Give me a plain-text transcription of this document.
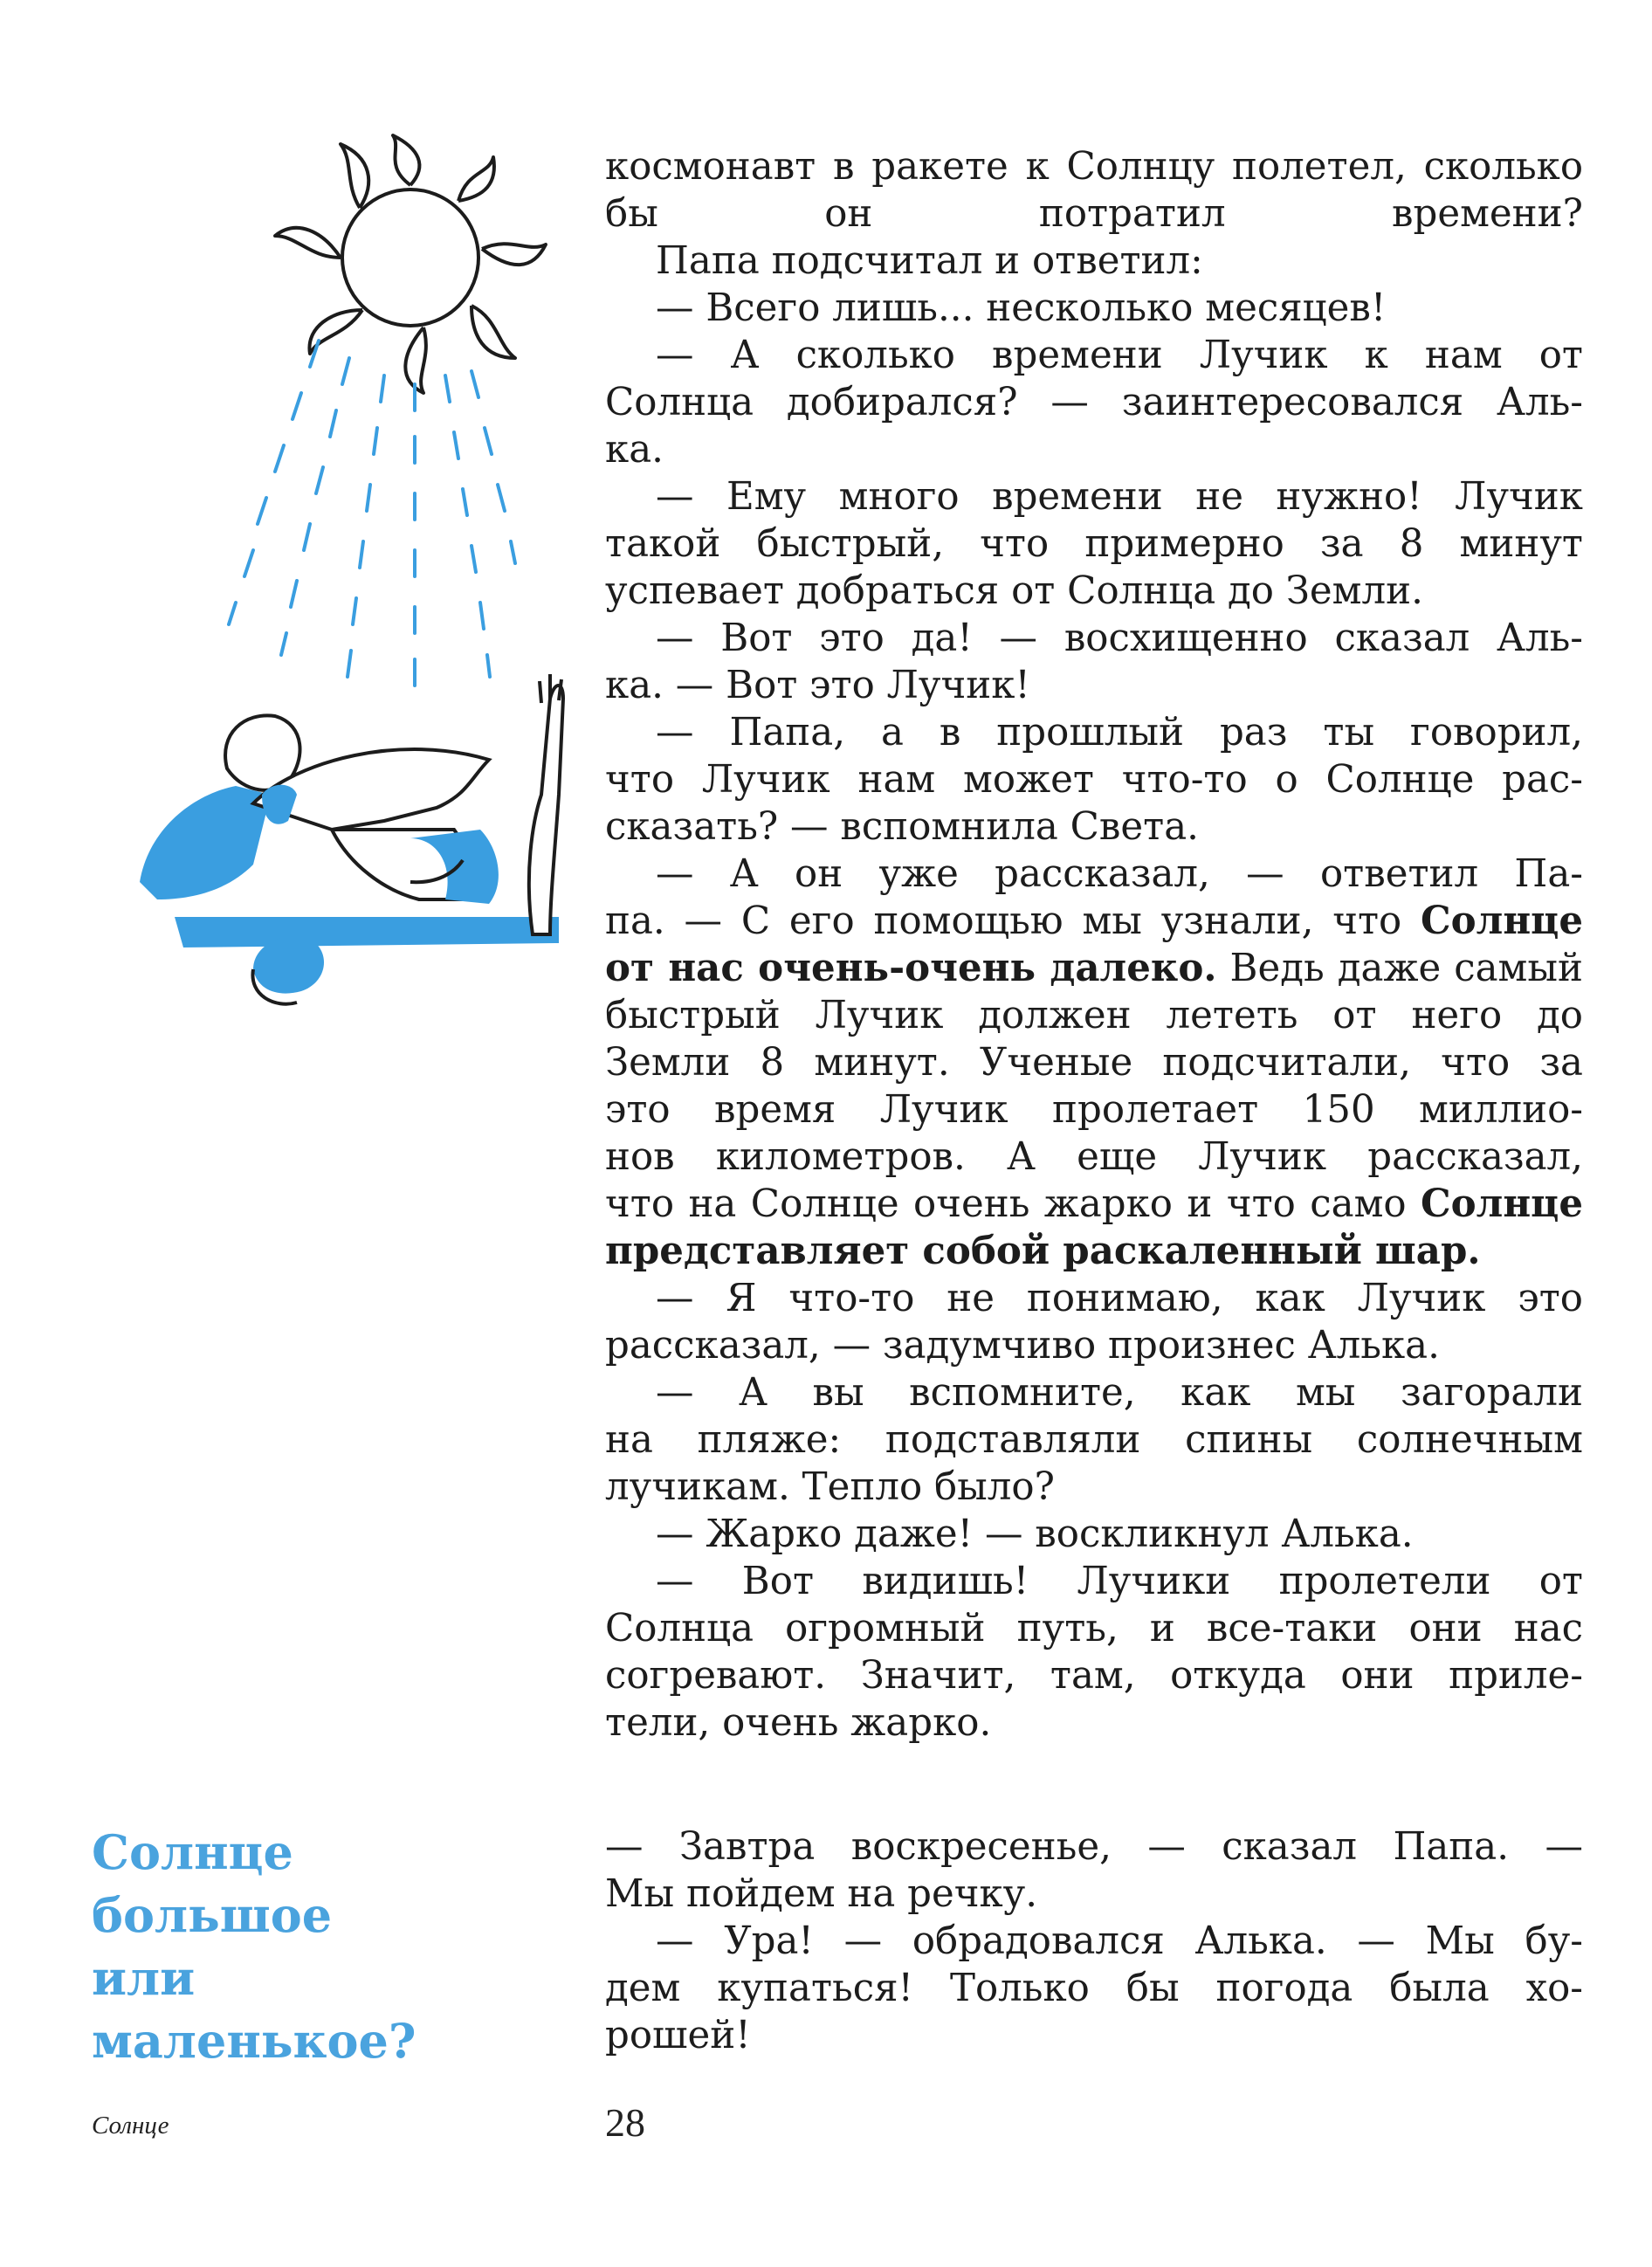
космонавт в ракете к Солнцу полетел, сколько бы он потратил времени?

Папа подсчитал и ответил:

— Всего лишь... несколько месяцев!

— А сколько времени Лучик к нам от
Солнца добирался? — заинтересовался Аль-

ка.

— Ему много времени не нужно! Лучик
такой быстрый, что примерно за 8 минут

успевает добраться от Солнца до Земли.

— Вот это да! — восхищенно сказал Аль-

ка. — Вот это Лучик!

— Папа, а в прошлый раз ты говорил,
что Лучик нам может что-то о Солнце рас-

сказать? — вспомнила Света.

— А он уже рассказал, — ответил Па-

па. — С его помощью мы узнали, что Солнце

от нас очень-очень далеко. Ведь даже самый

быстрый Лучик должен лететь от него до

Земли 8 минут. Ученые подсчитали, что за

это время Лучик пролетает 150 миллио-

нов километров. А еще Лучик рассказал,

что на Солнце очень жарко и что само Солнце

представляет собой раскаленный шар.

— Я что-то не понимаю, как Лучик это

рассказал, — задумчиво произнес Алька.

— А вы вспомните, как мы загорали
на пляже: подставляли спины солнечным

лучикам. Тепло было?

— Жарко даже! — воскликнул Алька.

— Вот видишь! Лучики пролетели от
Солнца огромный путь, и все-таки они нас
согревают. Значит, там, откуда они приле-

тели, очень жарко.

Солнце
большое
или
маленькое?

— Завтра воскресенье, — сказал Папа. —

Мы пойдем на речку.

— Ура! — обрадовался Алька. — Мы бу-
дем купаться! Только бы погода была хо-

рошей!

Солнце	28
